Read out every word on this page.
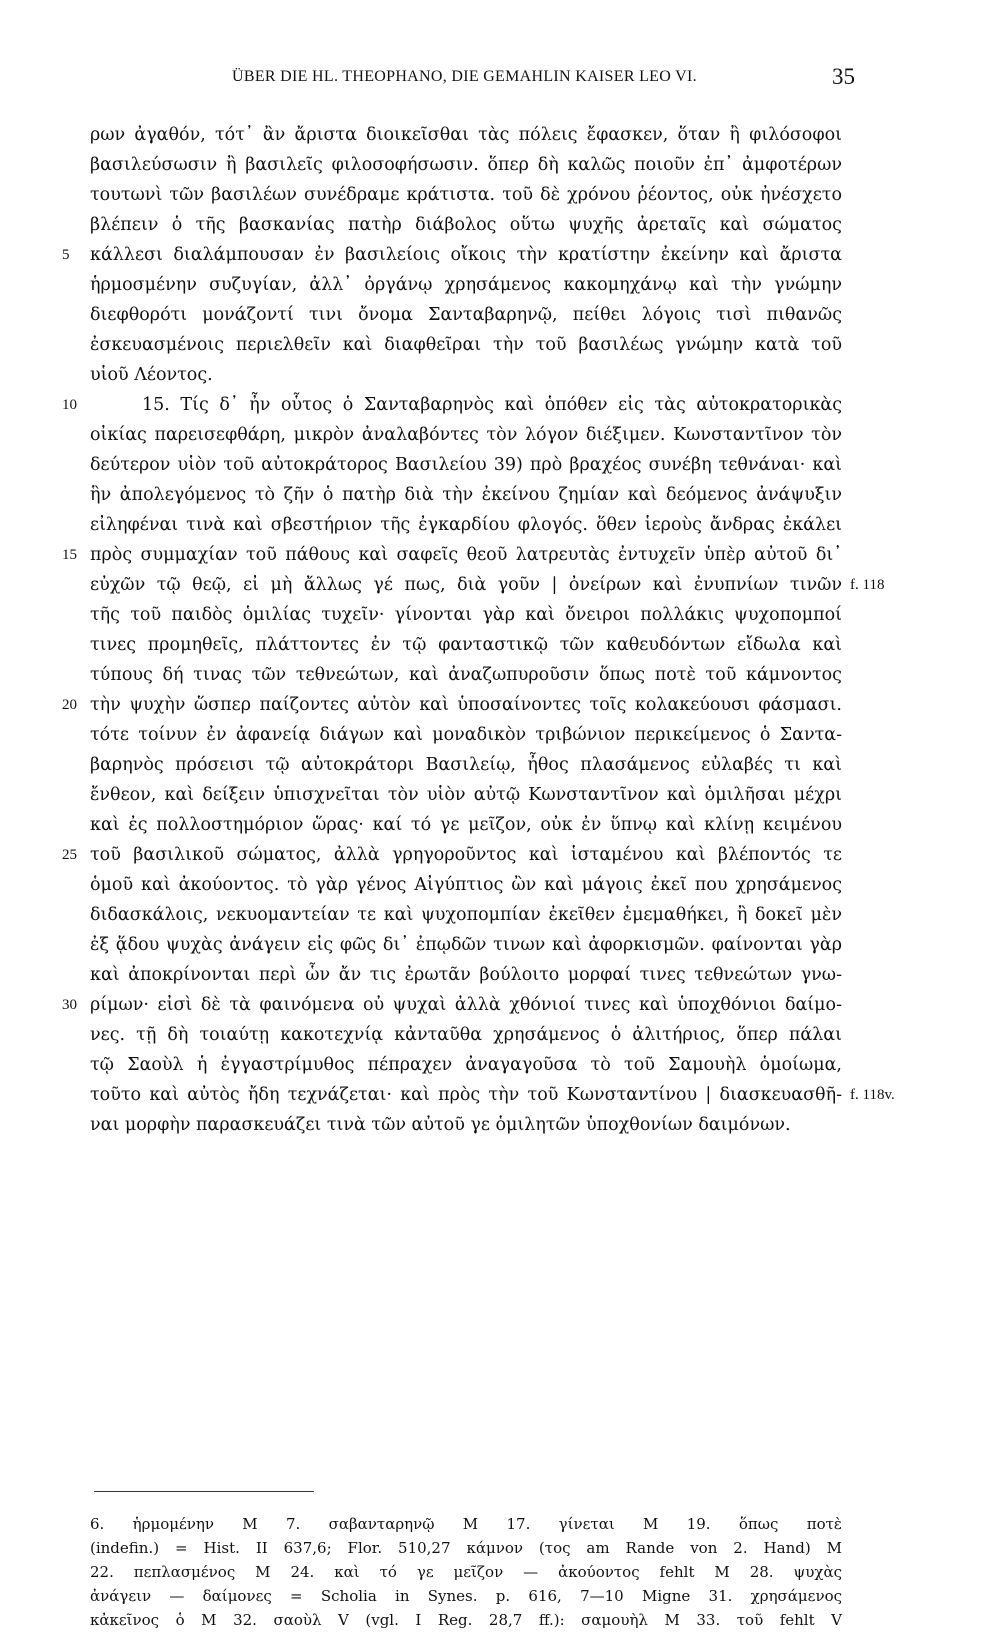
ÜBER DIE HL. THEOPHANO, DIE GEMAHLIN KAISER LEO VI.	35
ρων ἀγαθόν, τότ᾽ ἂν ἄριστα διοικεῖσθαι τὰς πόλεις ἔφασκεν, ὅταν ἢ φιλόσοφοι
βασιλεύσωσιν ἢ βασιλεῖς φιλοσοφήσωσιν. ὅπερ δὴ καλῶς ποιοῦν ἐπ᾽ ἀμφοτέρων
τουτωνὶ τῶν βασιλέων συνέδραμε κράτιστα. τοῦ δὲ χρόνου ῥέοντος, οὐκ ἠνέσχετο
βλέπειν ὁ τῆς βασκανίας πατὴρ διάβολος οὕτω ψυχῆς ἀρεταῖς καὶ σώματος
5	κάλλεσι διαλάμπουσαν ἐν βασιλείοις οἴκοις τὴν κρατίστην ἐκείνην καὶ ἄριστα
ἡρμοσμένην συζυγίαν, ἀλλ᾽ ὀργάνῳ χρησάμενος κακομηχάνῳ καὶ τὴν γνώμην
διεφθορότι μονάζοντί τινι ὄνομα Σανταβαρηνῷ, πείθει λόγοις τισὶ πιθανῶς
ἐσκευασμένοις περιελθεῖν καὶ διαφθεῖραι τὴν τοῦ βασιλέως γνώμην κατὰ τοῦ
υἱοῦ Λέοντος.
10	15. Τίς δ᾽ ἦν οὗτος ὁ Σανταβαρηνὸς καὶ ὁπόθεν εἰς τὰς αὐτοκρατορικὰς
οἰκίας παρεισεφθάρη, μικρὸν ἀναλαβόντες τὸν λόγον διέξιμεν. Κωνσταντῖνον τὸν
δεύτερον υἱὸν τοῦ αὐτοκράτορος Βασιλείου 39) πρὸ βραχέος συνέβη τεθνάναι· καὶ
ἣν ἀπολεγόμενος τὸ ζῆν ὁ πατὴρ διὰ τὴν ἐκείνου ζημίαν καὶ δεόμενος ἀνάψυξιν
εἰληφέναι τινὰ καὶ σβεστήριον τῆς ἐγκαρδίου φλογός. ὅθεν ἱεροὺς ἄνδρας ἐκάλει
15 πρὸς συμμαχίαν τοῦ πάθους καὶ σαφεῖς θεοῦ λατρευτὰς ἐντυχεῖν ὑπὲρ αὐτοῦ δι᾽
εὐχῶν τῷ θεῷ, εἰ μὴ ἄλλως γέ πως, διὰ γοῦν | ὀνείρων καὶ ἐνυπνίων τινῶν f. 118
τῆς τοῦ παιδὸς ὁμιλίας τυχεῖν· γίνονται γὰρ καὶ ὄνειροι πολλάκις ψυχοπομποί
τινες προμηθεῖς, πλάττοντες ἐν τῷ φανταστικῷ τῶν καθευδόντων εἴδωλα καὶ
τύπους δή τινας τῶν τεθνεώτων, καὶ ἀναζωπυροῦσιν ὅπως ποτὲ τοῦ κάμνοντος
20 τὴν ψυχὴν ὥσπερ παίζοντες αὐτὸν καὶ ὑποσαίνοντες τοῖς κολακεύουσι φάσμασι.
τότε τοίνυν ἐν ἀφανείᾳ διάγων καὶ μοναδικὸν τριβώνιον περικείμενος ὁ Σαντα-
βαρηνὸς πρόσεισι τῷ αὐτοκράτορι Βασιλείῳ, ἦθος πλασάμενος εὐλαβές τι καὶ
ἔνθεον, καὶ δείξειν ὑπισχνεῖται τὸν υἱὸν αὐτῷ Κωνσταντῖνον καὶ ὁμιλῆσαι μέχρι
καὶ ἐς πολλοστημόριον ὥρας· καί τό γε μεῖζον, οὐκ ἐν ὕπνῳ καὶ κλίνῃ κειμένου
25 τοῦ βασιλικοῦ σώματος, ἀλλὰ γρηγοροῦντος καὶ ἱσταμένου καὶ βλέποντός τε
ὁμοῦ καὶ ἀκούοντος. τὸ γὰρ γένος Αἰγύπτιος ὢν καὶ μάγοις ἐκεῖ που χρησάμενος
διδασκάλοις, νεκυομαντείαν τε καὶ ψυχοπομπίαν ἐκεῖθεν ἐμεμαθήκει, ἢ δοκεῖ μὲν
ἐξ ᾅδου ψυχὰς ἀνάγειν εἰς φῶς δι᾽ ἐπῳδῶν τινων καὶ ἀφορκισμῶν. φαίνονται γὰρ
καὶ ἀποκρίνονται περὶ ὧν ἄν τις ἐρωτᾶν βούλοιτο μορφαί τινες τεθνεώτων γνω-
30 ρίμων· εἰσὶ δὲ τὰ φαινόμενα οὐ ψυχαὶ ἀλλὰ χθόνιοί τινες καὶ ὑποχθόνιοι δαίμο-
νες. τῇ δὴ τοιαύτῃ κακοτεχνίᾳ κἀνταῦθα χρησάμενος ὁ ἀλιτήριος, ὅπερ πάλαι
τῷ Σαοὺλ ἡ ἐγγαστρίμυθος πέπραχεν ἀναγαγοῦσα τὸ τοῦ Σαμουὴλ ὁμοίωμα,
τοῦτο καὶ αὐτὸς ἤδη τεχνάζεται· καὶ πρὸς τὴν τοῦ Κωνσταντίνου | διασκευασθῆ- f. 118v.
ναι μορφὴν παρασκευάζει τινὰ τῶν αὐτοῦ γε ὁμιλητῶν ὑποχθονίων δαιμόνων.
6. ἡρμομένην M 7. σαβανταρηνῷ M 17. γίνεται M 19. ὅπως ποτὲ
(indefin.) = Hist. II 637,6; Flor. 510,27 κάμνον (τος am Rande von 2. Hand) M
22. πεπλασμένος M 24. καὶ τό γε μεῖζον — ἀκούοντος fehlt M 28. ψυχὰς
ἀνάγειν — δαίμονες = Scholia in Synes. p. 616, 7—10 Migne 31. χρησάμενος
κἀκεῖνος ὁ M 32. σαοὺλ V (vgl. I Reg. 28,7 ff.): σαμουὴλ M 33. τοῦ fehlt V
